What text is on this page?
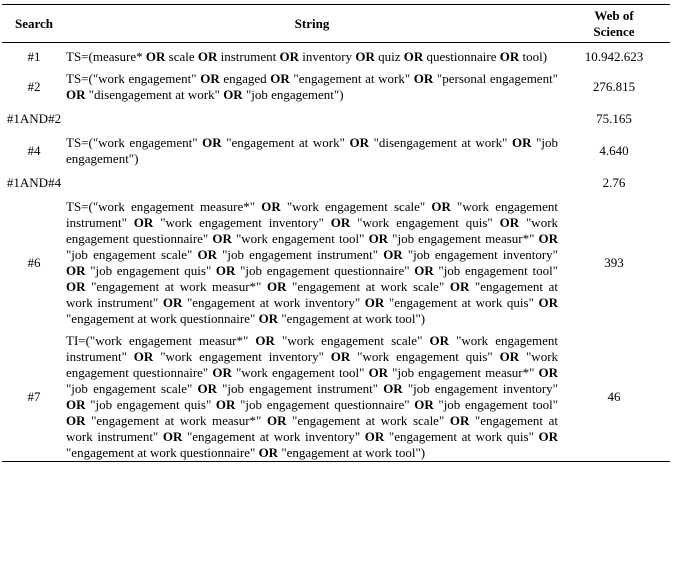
Search	String	Web of
Science

#1	TS=(measure* OR scale OR instrument OR inventory OR quiz OR questionnaire OR tool)	10.942.623

#2	TS=("work engagement" OR engaged OR "engagement at work" OR "personal engagement" OR "disengagement at work" OR "job engagement")	276.815

#1AND#2		75.165

#4	TS=("work engagement" OR "engagement at work" OR "disengagement at work" OR "job engagement")	4.640

#1AND#4		2.76

#6	TS=("work engagement measure*" OR "work engagement scale" OR "work engagement instrument" OR "work engagement inventory" OR "work engagement quis" OR "work engagement questionnaire" OR "work engagement tool" OR "job engagement measur*" OR "job engagement scale" OR "job engagement instrument" OR "job engagement inventory" OR "job engagement quis" OR "job engagement questionnaire" OR "job engagement tool" OR "engagement at work measur*" OR "engagement at work scale" OR "engagement at work instrument" OR "engagement at work inventory" OR "engagement at work quis" OR "engagement at work questionnaire" OR "engagement at work tool")	393

#7	TI=("work engagement measur*" OR "work engagement scale" OR "work engagement instrument" OR "work engagement inventory" OR "work engagement quis" OR "work engagement questionnaire" OR "work engagement tool" OR "job engagement measur*" OR "job engagement scale" OR "job engagement instrument" OR "job engagement inventory" OR "job engagement quis" OR "job engagement questionnaire" OR "job engagement tool" OR "engagement at work measur*" OR "engagement at work scale" OR "engagement at work instrument" OR "engagement at work inventory" OR "engagement at work quis" OR "engagement at work questionnaire" OR "engagement at work tool")	46
